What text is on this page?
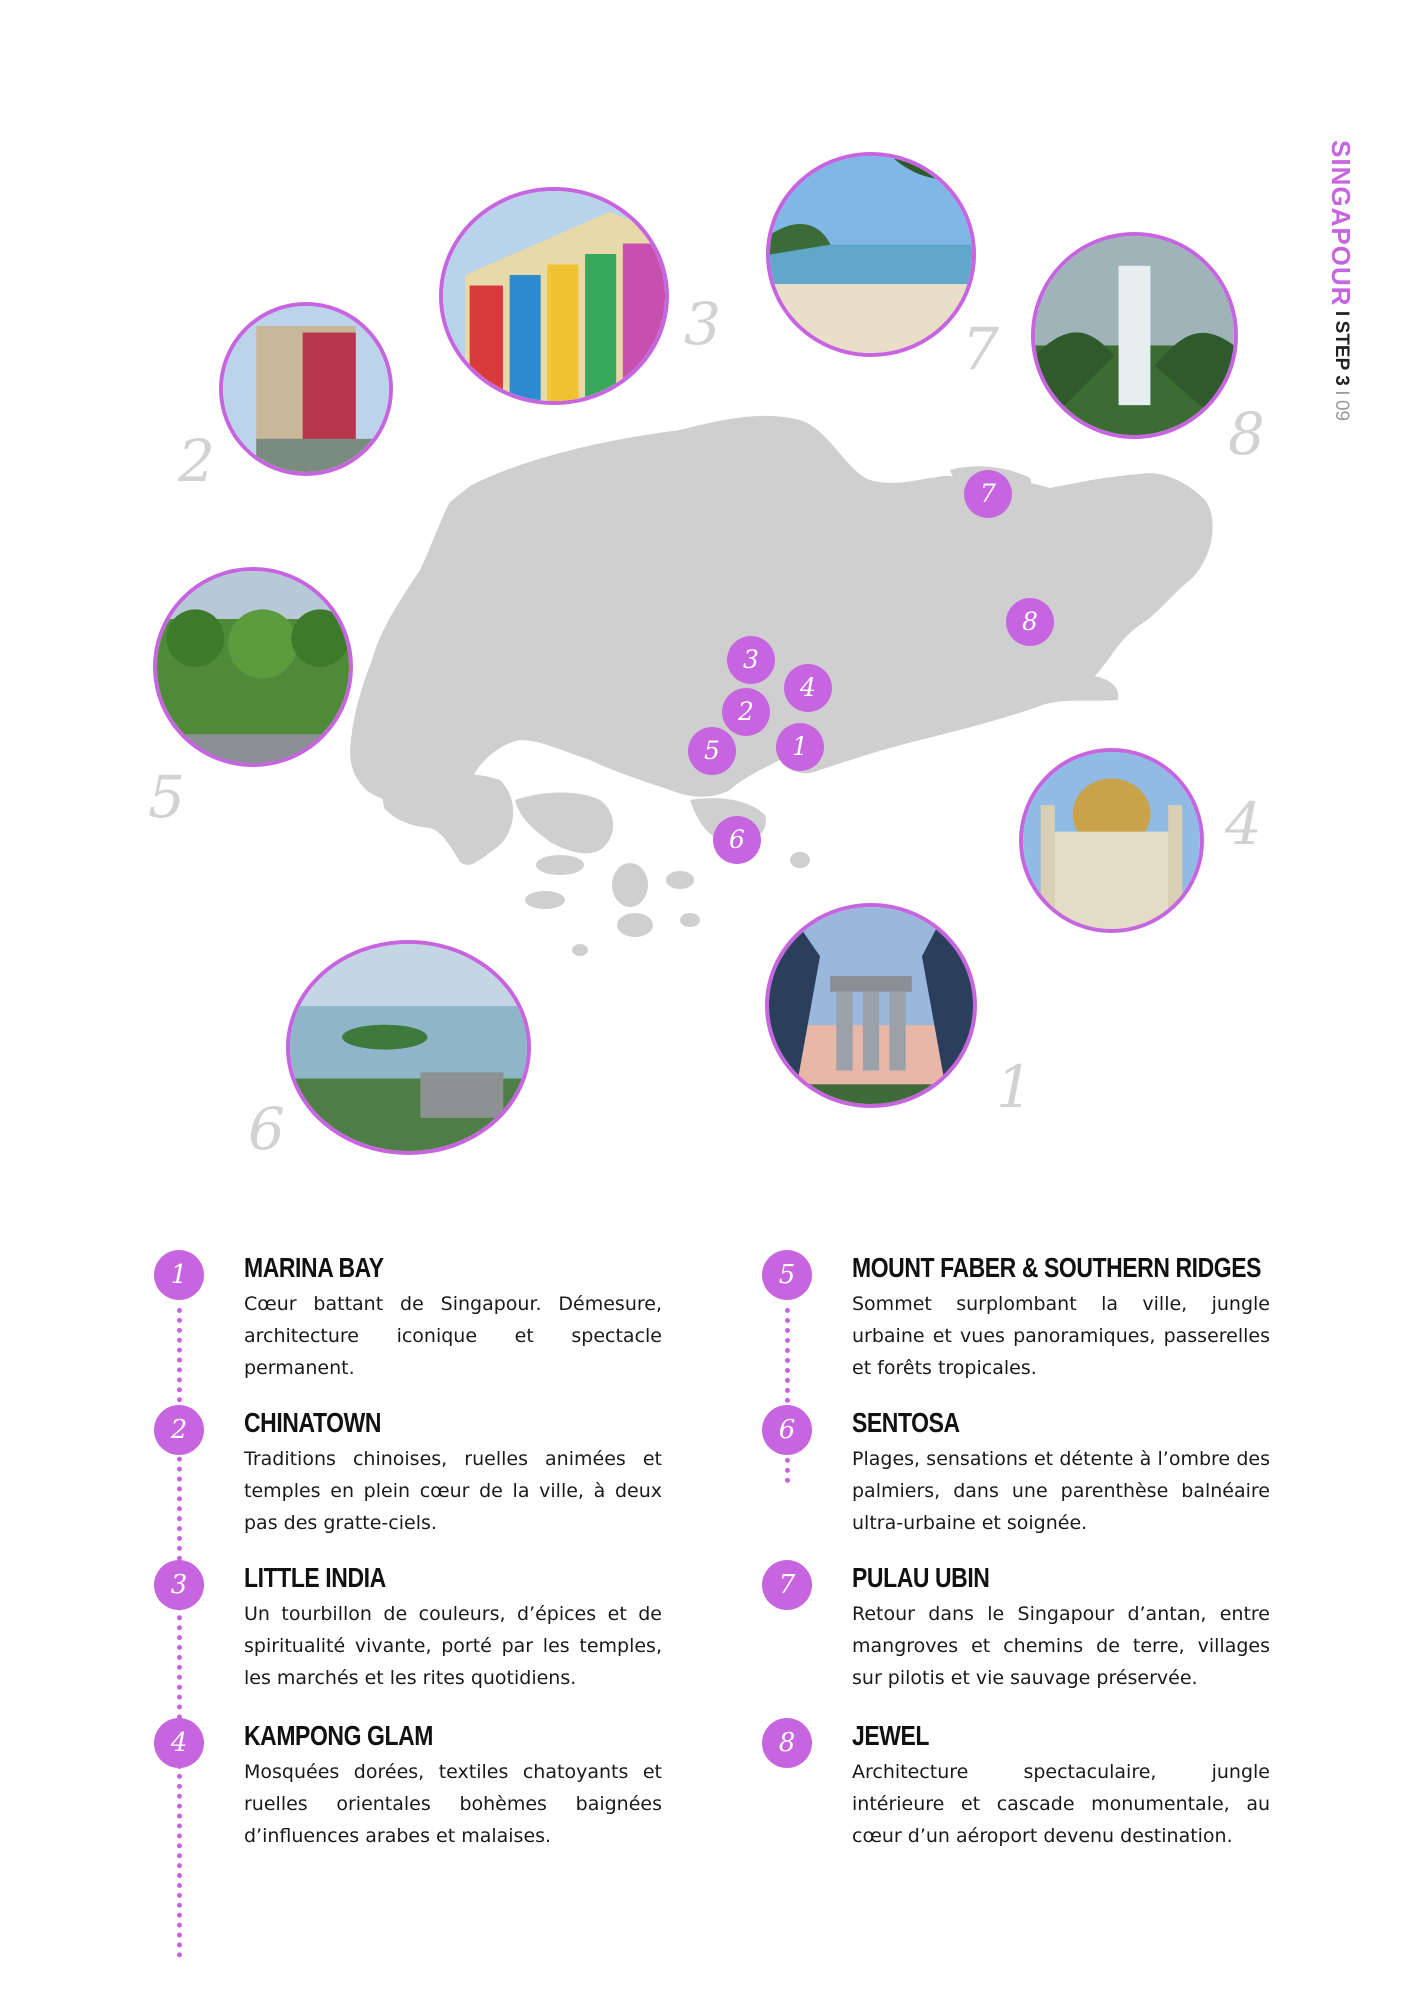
SINGAPOUR I STEP 3 I 09
2
3	7
8
5	4
6
1
7
8
3
4
2
5	1
6
1	MARINA BAY
Cœur battant de Singapour. Démesure, architecture iconique et spectacle permanent.
2	CHINATOWN
Traditions chinoises, ruelles animées et temples en plein cœur de la ville, à deux pas des gratte-ciels.
3	LITTLE INDIA
Un tourbillon de couleurs, d’épices et de spiritualité vivante, porté par les temples, les marchés et les rites quotidiens.
4	KAMPONG GLAM
Mosquées dorées, textiles chatoyants et ruelles orientales bohèmes baignées d’influences arabes et malaises.
5	MOUNT FABER & SOUTHERN RIDGES
Sommet surplombant la ville, jungle urbaine et vues panoramiques, passerelles et forêts tropicales.
6	SENTOSA
Plages, sensations et détente à l’ombre des palmiers, dans une parenthèse balnéaire ultra-urbaine et soignée.
7	PULAU UBIN
Retour dans le Singapour d’antan, entre mangroves et chemins de terre, villages sur pilotis et vie sauvage préservée.
8	JEWEL
Architecture spectaculaire, jungle intérieure et cascade monumentale, au cœur d’un aéroport devenu destination.
